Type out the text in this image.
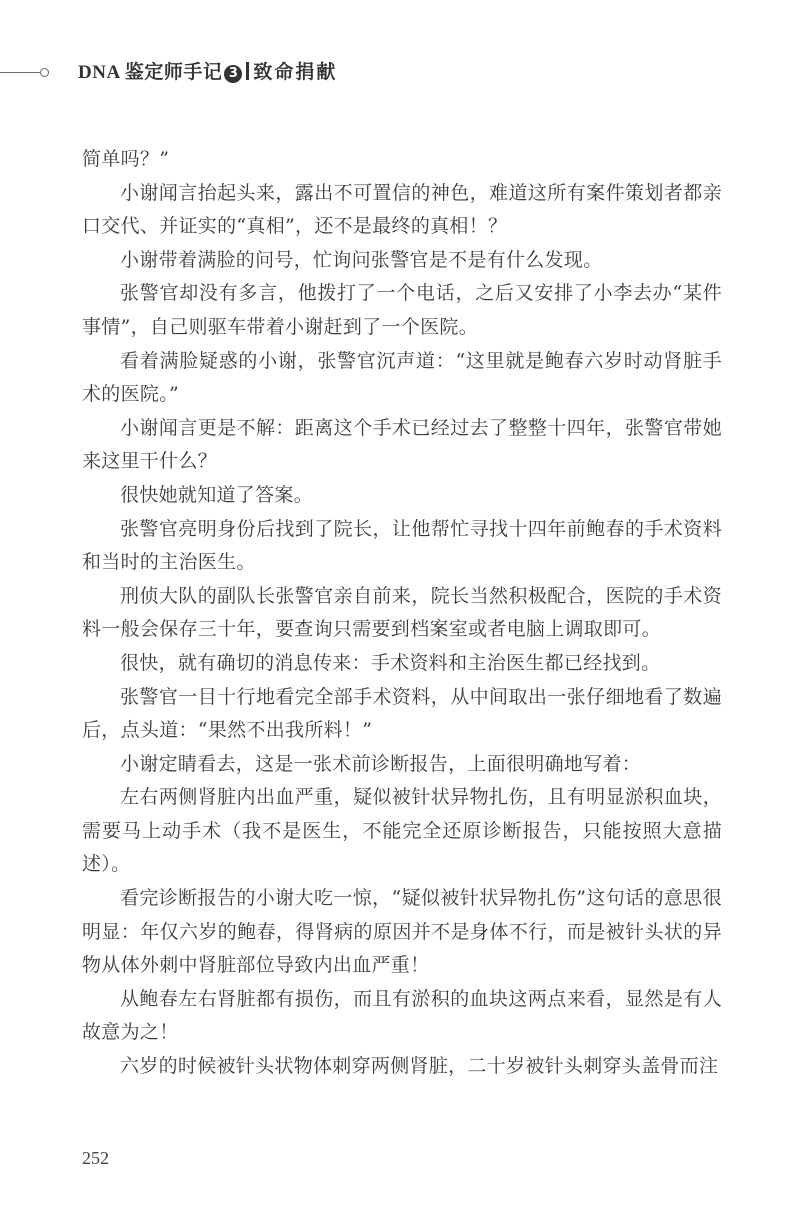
DNA 鉴定师手记 3 致命捐献

简单吗？”

小谢闻言抬起头来，露出不可置信的神色，难道这所有案件策划者都亲口交代、并证实的“真相”，还不是最终的真相！？

小谢带着满脸的问号，忙询问张警官是不是有什么发现。

张警官却没有多言，他拨打了一个电话，之后又安排了小李去办“某件事情”，自己则驱车带着小谢赶到了一个医院。

看着满脸疑惑的小谢，张警官沉声道：“这里就是鲍春六岁时动肾脏手术的医院。”

小谢闻言更是不解：距离这个手术已经过去了整整十四年，张警官带她来这里干什么？

很快她就知道了答案。

张警官亮明身份后找到了院长，让他帮忙寻找十四年前鲍春的手术资料和当时的主治医生。

刑侦大队的副队长张警官亲自前来，院长当然积极配合，医院的手术资料一般会保存三十年，要查询只需要到档案室或者电脑上调取即可。

很快，就有确切的消息传来：手术资料和主治医生都已经找到。

张警官一目十行地看完全部手术资料，从中间取出一张仔细地看了数遍后，点头道：“果然不出我所料！”

小谢定睛看去，这是一张术前诊断报告，上面很明确地写着：

左右两侧肾脏内出血严重，疑似被针状异物扎伤，且有明显淤积血块，需要马上动手术（我不是医生，不能完全还原诊断报告，只能按照大意描述）。

看完诊断报告的小谢大吃一惊，“疑似被针状异物扎伤”这句话的意思很明显：年仅六岁的鲍春，得肾病的原因并不是身体不行，而是被针头状的异物从体外刺中肾脏部位导致内出血严重！

从鲍春左右肾脏都有损伤，而且有淤积的血块这两点来看，显然是有人故意为之！

六岁的时候被针头状物体刺穿两侧肾脏，二十岁被针头刺穿头盖骨而注

252
